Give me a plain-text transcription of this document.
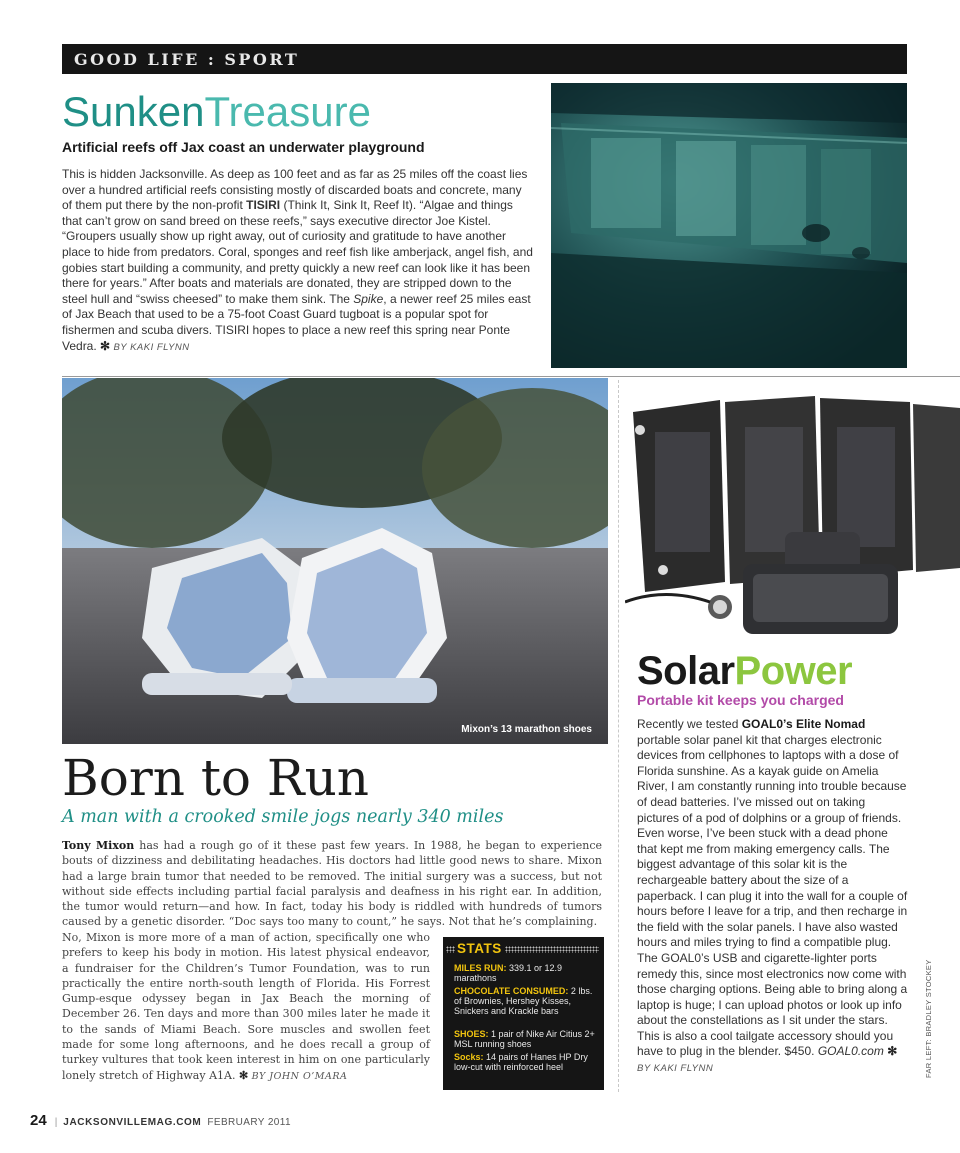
GOOD LIFE : SPORT
SunkenTreasure
Artificial reefs off Jax coast an underwater playground
This is hidden Jacksonville. As deep as 100 feet and as far as 25 miles off the coast lies over a hundred artificial reefs consisting mostly of discarded boats and concrete, many of them put there by the non-profit TISIRI (Think It, Sink It, Reef It). “Algae and things that can’t grow on sand breed on these reefs,” says executive director Joe Kistel. “Groupers usually show up right away, out of curiosity and gratitude to have another place to hide from predators. Coral, sponges and reef fish like amberjack, angel fish, and gobies start building a community, and pretty quickly a new reef can look like it has been there for years.” After boats and materials are donated, they are stripped down to the steel hull and “swiss cheesed” to make them sink. The Spike, a newer reef 25 miles east of Jax Beach that used to be a 75-foot Coast Guard tugboat is a popular spot for fishermen and scuba divers. TISIRI hopes to place a new reef this spring near Ponte Vedra. ✻ BY KAKI FLYNN
Mixon’s 13 marathon shoes
Born to Run
A man with a crooked smile jogs nearly 340 miles
Tony Mixon has had a rough go of it these past few years. In 1988, he began to experience bouts of dizziness and debilitating headaches. His doctors had little good news to share. Mixon had a large brain tumor that needed to be removed. The initial surgery was a success, but not without side effects including partial facial paralysis and deafness in his right ear. In addition, the tumor would return—and how. In fact, today his body is riddled with hundreds of tumors caused by a genetic disorder. “Doc says too many to count,” he says. Not that he’s complaining.
No, Mixon is more more of a man of action, specifically one who prefers to keep his body in motion. His latest physical endeavor, a fundraiser for the Children’s Tumor Foundation, was to run practically the entire north-south length of Florida. His Forrest Gump-esque odyssey began in Jax Beach the morning of December 26. Ten days and more than 300 miles later he made it to the sands of Miami Beach. Sore muscles and swollen feet made for some long afternoons, and he does recall a group of turkey vultures that took keen interest in him on one particularly lonely stretch of Highway A1A. ✻ BY JOHN O’MARA
STATS
MILES RUN: 339.1 or 12.9 marathons
CHOCOLATE CONSUMED: 2 lbs. of Brownies, Hershey Kisses, Snickers and Krackle bars
SHOES: 1 pair of Nike Air Citius 2+ MSL running shoes
Socks: 14 pairs of Hanes HP Dry low-cut with reinforced heel
SolarPower
Portable kit keeps you charged
Recently we tested GOAL0’s Elite Nomad portable solar panel kit that charges electronic devices from cellphones to laptops with a dose of Florida sunshine. As a kayak guide on Amelia River, I am constantly running into trouble because of dead batteries. I’ve missed out on taking pictures of a pod of dolphins or a group of friends. Even worse, I’ve been stuck with a dead phone that kept me from making emergency calls. The biggest advantage of this solar kit is the rechargeable battery about the size of a paperback. I can plug it into the wall for a couple of hours before I leave for a trip, and then recharge in the field with the solar panels. I have also wasted hours and miles trying to find a compatible plug. The GOAL0’s USB and cigarette-lighter ports remedy this, since most electronics now come with those charging options. Being able to bring along a laptop is huge; I can upload photos or look up info about the constellations as I sit under the stars. This is also a cool tailgate accessory should you have to plug in the blender. $450. GOAL0.com ✻
BY KAKI FLYNN	FAR LEFT: BRADLEY STOCKEY
24 | JACKSONVILLEMAG.COM FEBRUARY 2011
